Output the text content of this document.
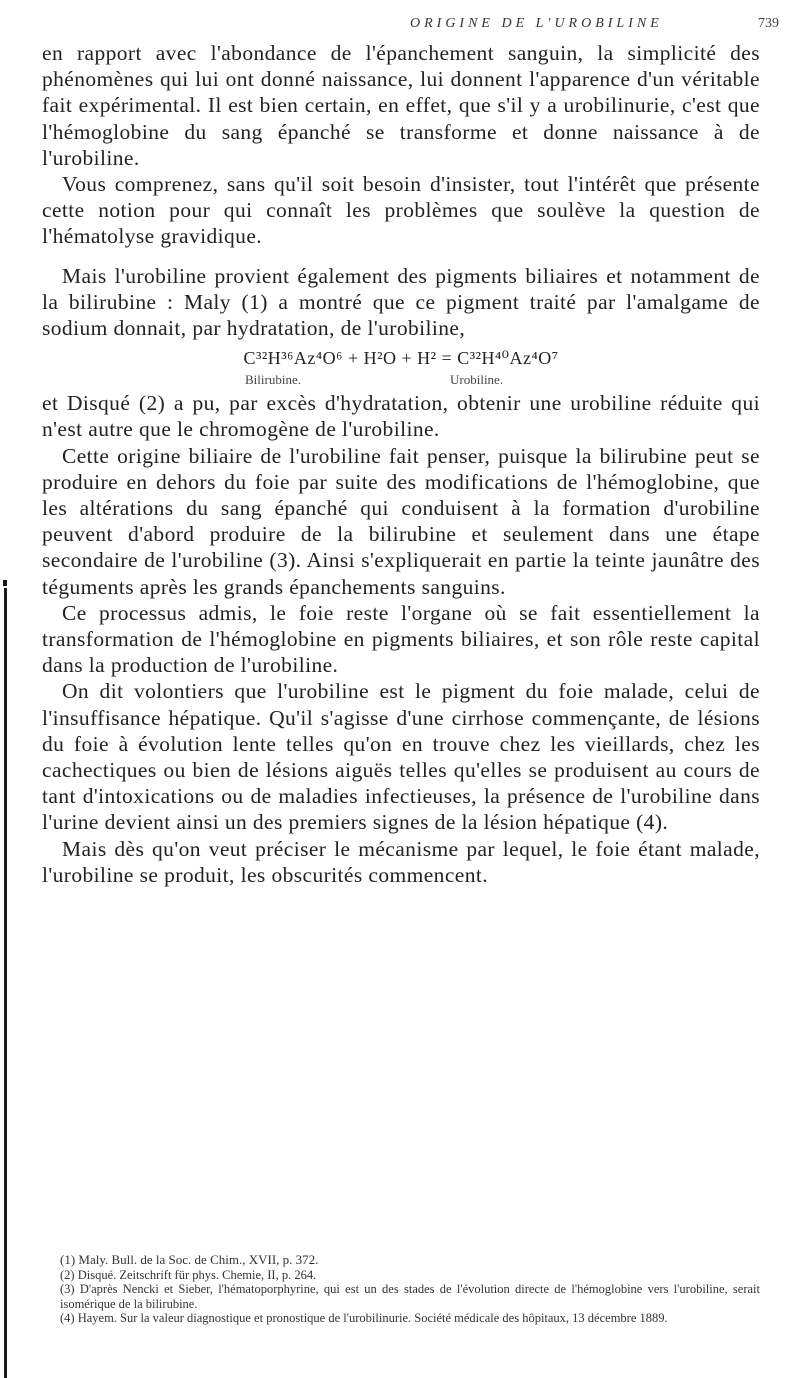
ORIGINE DE L'UROBILINE	739

en rapport avec l'abondance de l'épanchement sanguin, la simplicité des phénomènes qui lui ont donné naissance, lui donnent l'apparence d'un véritable fait expérimental. Il est bien certain, en effet, que s'il y a urobilinurie, c'est que l'hémoglobine du sang épanché se transforme et donne naissance à de l'urobiline.

Vous comprenez, sans qu'il soit besoin d'insister, tout l'intérêt que présente cette notion pour qui connaît les problèmes que soulève la question de l'hématolyse gravidique.

Mais l'urobiline provient également des pigments biliaires et notamment de la bilirubine : Maly (1) a montré que ce pigment traité par l'amalgame de sodium donnait, par hydratation, de l'urobiline,

C³²H³⁶Az⁴O⁶ + H²O + H² = C³²H⁴⁰Az⁴O⁷

Bilirubine.	Urobiline.

et Disqué (2) a pu, par excès d'hydratation, obtenir une urobiline réduite qui n'est autre que le chromogène de l'urobiline.

Cette origine biliaire de l'urobiline fait penser, puisque la bilirubine peut se produire en dehors du foie par suite des modifications de l'hémoglobine, que les altérations du sang épanché qui conduisent à la formation d'urobiline peuvent d'abord produire de la bilirubine et seulement dans une étape secondaire de l'urobiline (3). Ainsi s'expliquerait en partie la teinte jaunâtre des téguments après les grands épanchements sanguins.

Ce processus admis, le foie reste l'organe où se fait essentiellement la transformation de l'hémoglobine en pigments biliaires, et son rôle reste capital dans la production de l'urobiline.

On dit volontiers que l'urobiline est le pigment du foie malade, celui de l'insuffisance hépatique. Qu'il s'agisse d'une cirrhose commençante, de lésions du foie à évolution lente telles qu'on en trouve chez les vieillards, chez les cachectiques ou bien de lésions aiguës telles qu'elles se produisent au cours de tant d'intoxications ou de maladies infectieuses, la présence de l'urobiline dans l'urine devient ainsi un des premiers signes de la lésion hépatique (4).

Mais dès qu'on veut préciser le mécanisme par lequel, le foie étant malade, l'urobiline se produit, les obscurités commencent.

(1) Maly. Bull. de la Soc. de Chim., XVII, p. 372.

(2) Disqué. Zeitschrift für phys. Chemie, II, p. 264.

(3) D'après Nencki et Sieber, l'hématoporphyrine, qui est un des stades de l'évolution directe de l'hémoglobine vers l'urobiline, serait isomérique de la bilirubine.

(4) Hayem. Sur la valeur diagnostique et pronostique de l'urobilinurie. Société médicale des hôpitaux, 13 décembre 1889.
